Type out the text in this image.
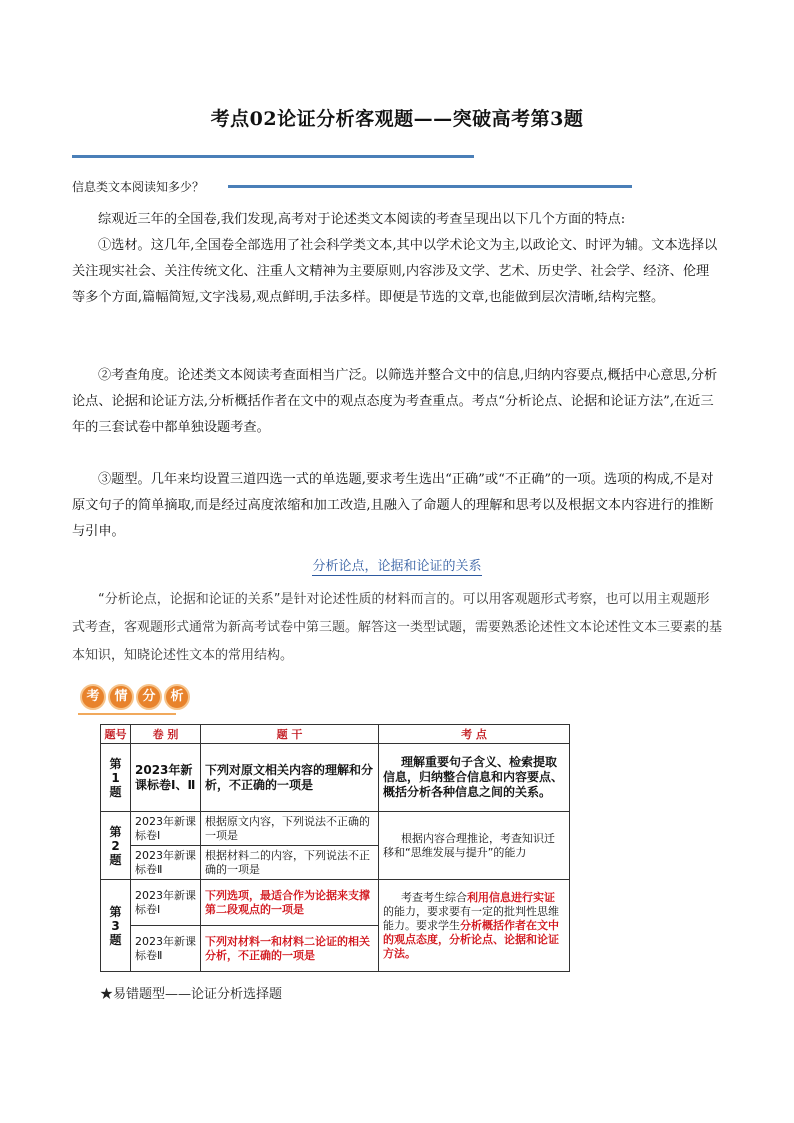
考点02论证分析客观题——突破高考第3题
信息类文本阅读知多少？
综观近三年的全国卷,我们发现,高考对于论述类文本阅读的考查呈现出以下几个方面的特点:
①选材。这几年,全国卷全部选用了社会科学类文本,其中以学术论文为主,以政论文、时评为辅。文本选择以关注现实社会、关注传统文化、注重人文精神为主要原则,内容涉及文学、艺术、历史学、社会学、经济、伦理等多个方面,篇幅简短,文字浅易,观点鲜明,手法多样。即便是节选的文章,也能做到层次清晰,结构完整。
②考查角度。论述类文本阅读考查面相当广泛。以筛选并整合文中的信息,归纳内容要点,概括中心意思,分析论点、论据和论证方法,分析概括作者在文中的观点态度为考查重点。考点“分析论点、论据和论证方法”,在近三年的三套试卷中都单独设题考查。
③题型。几年来均设置三道四选一式的单选题,要求考生选出“正确”或“不正确”的一项。选项的构成,不是对原文句子的简单摘取,而是经过高度浓缩和加工改造,且融入了命题人的理解和思考以及根据文本内容进行的推断与引申。
分析论点，论据和论证的关系
“分析论点，论据和论证的关系”是针对论述性质的材料而言的。可以用客观题形式考察，也可以用主观题形式考查，客观题形式通常为新高考试卷中第三题。解答这一类型试题，需要熟悉论述性文本论述性文本三要素的基本知识，知晓论述性文本的常用结构。
考	情	分	析
题号	卷 别	题 干	考 点
第
1
题	2023年新课标卷Ⅰ、Ⅱ	下列对原文相关内容的理解和分析，不正确的一项是	理解重要句子含义、检索提取信息，归纳整合信息和内容要点、概括分析各种信息之间的关系。
第
2
题	2023年新课标卷Ⅰ	根据原文内容，下列说法不正确的一项是	根据内容合理推论，考查知识迁移和“思维发展与提升”的能力
	2023年新课标卷Ⅱ	根据材料二的内容，下列说法不正确的一项是	
第
3
题	2023年新课标卷Ⅰ	下列选项，最适合作为论据来支撑第二段观点的一项是	考查考生综合利用信息进行实证的能力，要求要有一定的批判性思维能力。要求学生分析概括作者在文中的观点态度，分析论点、论据和论证方法。
	2023年新课标卷Ⅱ	下列对材料一和材料二论证的相关分析，不正确的一项是	
★易错题型——论证分析选择题
